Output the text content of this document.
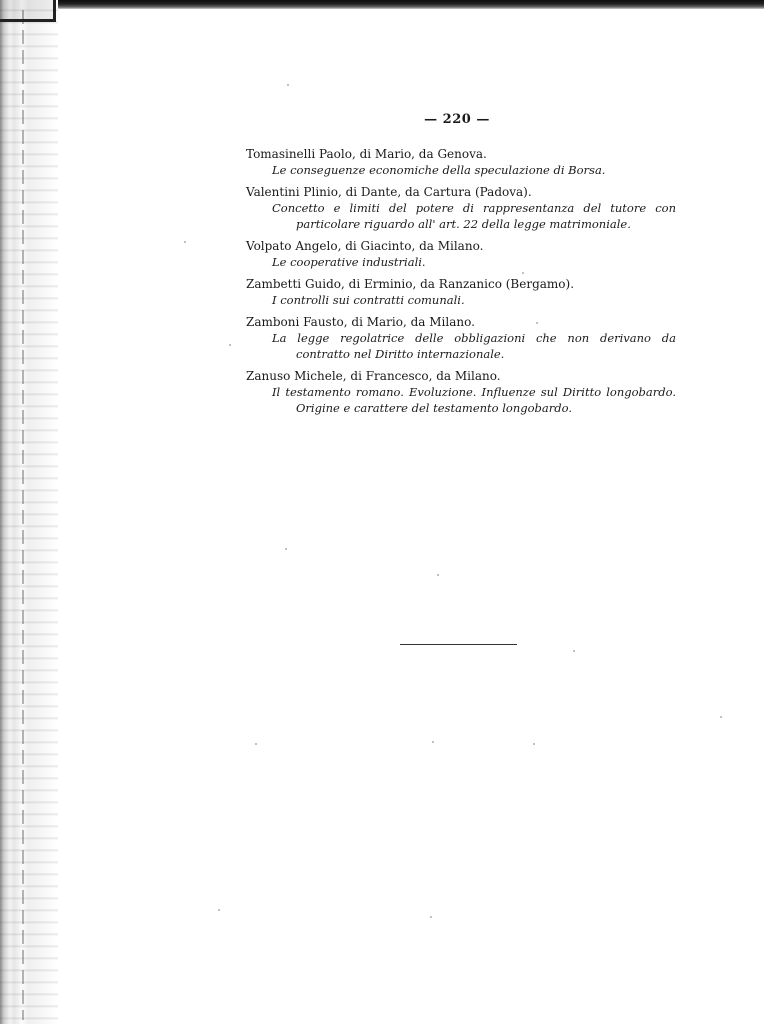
— 220 —
Tomasinelli Paolo, di Mario, da Genova.
Le conseguenze economiche della speculazione di Borsa.
Valentini Plinio, di Dante, da Cartura (Padova).
Concetto e limiti del potere di rappresentanza del tutore con particolare riguardo all' art. 22 della legge matrimoniale.
Volpato Angelo, di Giacinto, da Milano.
Le cooperative industriali.
Zambetti Guido, di Erminio, da Ranzanico (Bergamo).
I controlli sui contratti comunali.
Zamboni Fausto, di Mario, da Milano.
La legge regolatrice delle obbligazioni che non derivano da contratto nel Diritto internazionale.
Zanuso Michele, di Francesco, da Milano.
Il testamento romano. Evoluzione. Influenze sul Diritto longobardo. Origine e carattere del testamento longobardo.
